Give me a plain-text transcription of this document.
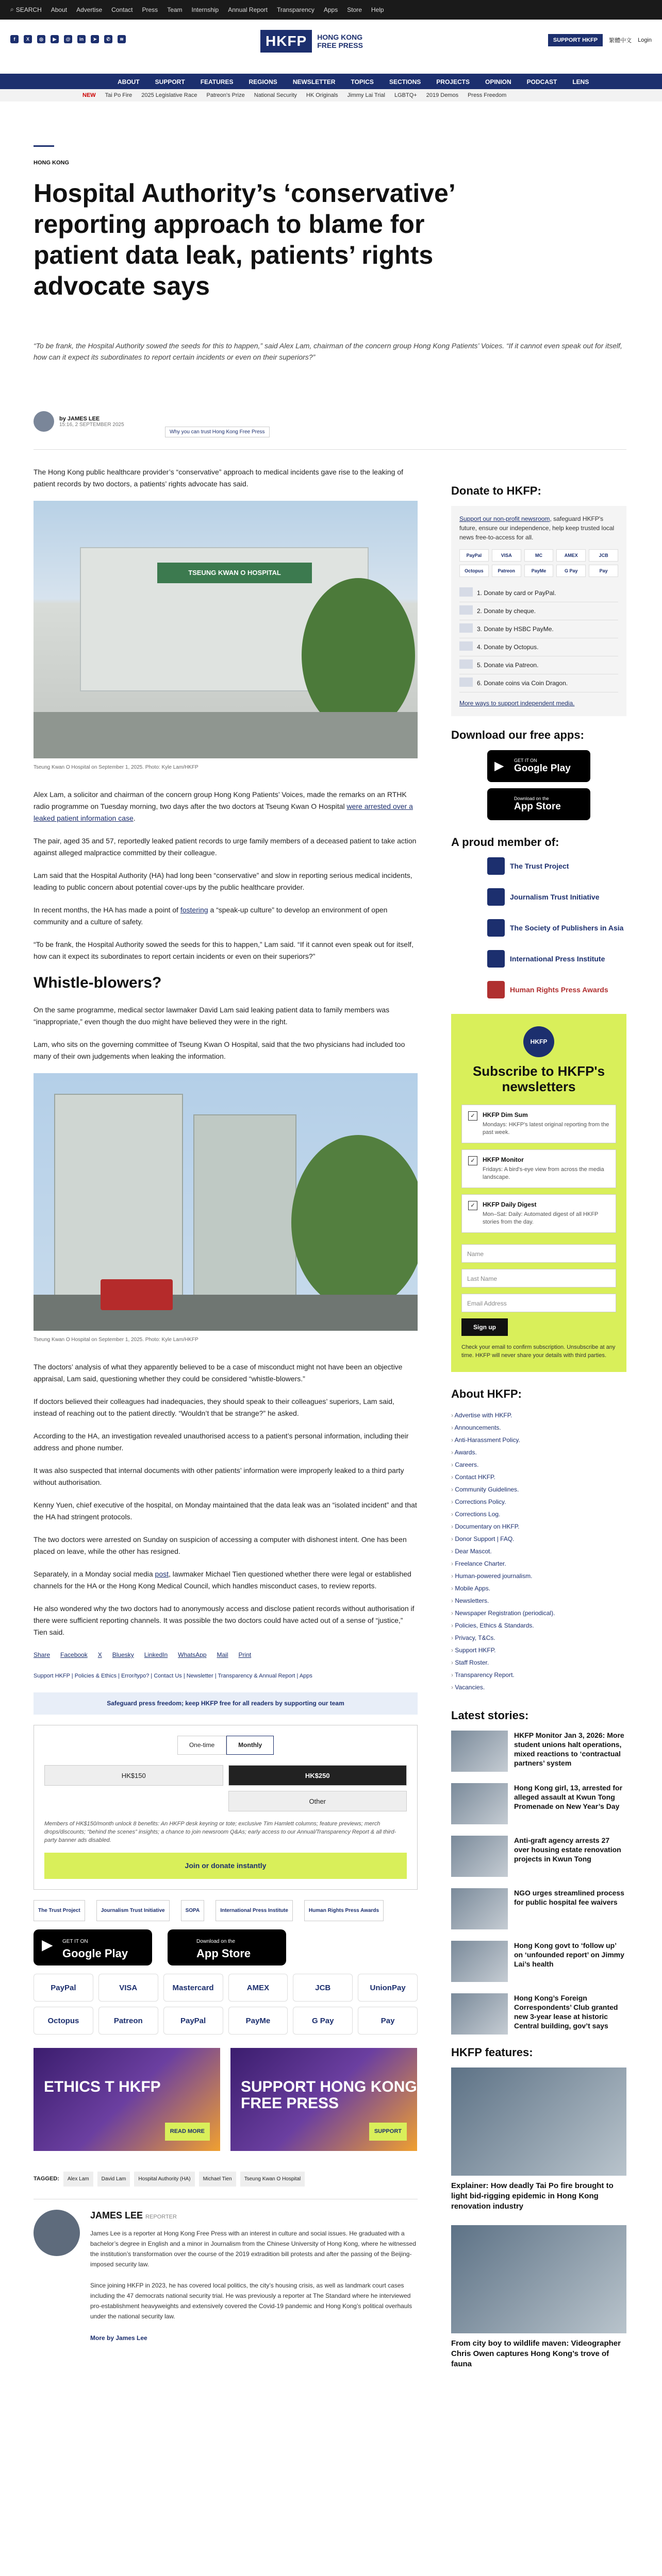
⌕ SEARCH About Advertise Contact Press Team Internship Annual Report Transparency Apps Store Help
f	X	◎	▶	@	in	➤	✆	≋	HKFP	HONG KONG
FREE PRESS
SUPPORT HKFP	繁體中文 Login
ABOUT	SUPPORT	FEATURES	REGIONS	NEWSLETTER	TOPICS	SECTIONS	PROJECTS	OPINION	PODCAST	LENS
NEW Tai Po Fire 2025 Legislative Race Patreon's Prize National Security HK Originals Jimmy Lai Trial LGBTQ+ 2019 Demos Press Freedom
HONG KONG
Hospital Authority’s ‘conservative’ reporting approach to blame for patient data leak, patients’ rights advocate says

“To be frank, the Hospital Authority sowed the seeds for this to happen,” said Alex Lam, chairman of the concern group Hong Kong Patients’ Voices. “If it cannot even speak out for itself, how can it expect its subordinates to report certain incidents or even on their superiors?”

by JAMES LEE
15:16, 2 SEPTEMBER 2025
Why you can trust Hong Kong Free Press

The Hong Kong public healthcare provider’s “conservative” approach to medical incidents gave rise to the leaking of patient records by two doctors, a patients’ rights advocate has said.

TSEUNG KWAN O HOSPITAL
Tseung Kwan O Hospital on September 1, 2025. Photo: Kyle Lam/HKFP

Alex Lam, a solicitor and chairman of the concern group Hong Kong Patients’ Voices, made the remarks on an RTHK radio programme on Tuesday morning, two days after the two doctors at Tseung Kwan O Hospital were arrested over a leaked patient information case.

The pair, aged 35 and 57, reportedly leaked patient records to urge family members of a deceased patient to take action against alleged malpractice committed by their colleague.

Lam said that the Hospital Authority (HA) had long been “conservative” and slow in reporting serious medical incidents, leading to public concern about potential cover-ups by the public healthcare provider.

In recent months, the HA has made a point of fostering a “speak-up culture” to develop an environment of open community and a culture of safety.

“To be frank, the Hospital Authority sowed the seeds for this to happen,” Lam said. “If it cannot even speak out for itself, how can it expect its subordinates to report certain incidents or even on their superiors?”

Whistle-blowers?

On the same programme, medical sector lawmaker David Lam said leaking patient data to family members was “inappropriate,” even though the duo might have believed they were in the right.

Lam, who sits on the governing committee of Tseung Kwan O Hospital, said that the two physicians had included too many of their own judgements when leaking the information.

Tseung Kwan O Hospital on September 1, 2025. Photo: Kyle Lam/HKFP

The doctors’ analysis of what they apparently believed to be a case of misconduct might not have been an objective appraisal, Lam said, questioning whether they could be considered “whistle-blowers.”

If doctors believed their colleagues had inadequacies, they should speak to their colleagues’ superiors, Lam said, instead of reaching out to the patient directly. “Wouldn’t that be strange?” he asked.

According to the HA, an investigation revealed unauthorised access to a patient’s personal information, including their address and phone number.

It was also suspected that internal documents with other patients’ information were improperly leaked to a third party without authorisation.

Kenny Yuen, chief executive of the hospital, on Monday maintained that the data leak was an “isolated incident” and that the HA had stringent protocols.

The two doctors were arrested on Sunday on suspicion of accessing a computer with dishonest intent. One has been placed on leave, while the other has resigned.

Separately, in a Monday social media post, lawmaker Michael Tien questioned whether there were legal or established channels for the HA or the Hong Kong Medical Council, which handles misconduct cases, to review reports.

He also wondered why the two doctors had to anonymously access and disclose patient records without authorisation if there were sufficient reporting channels. It was possible the two doctors could have acted out of a sense of “justice,” Tien said.

Share Facebook X Bluesky LinkedIn WhatsApp Mail Print
Support HKFP | Policies & Ethics | Error/typo? | Contact Us | Newsletter | Transparency & Annual Report | Apps
Safeguard press freedom; keep HKFP free for all readers by supporting our team
One-time	Monthly
HK$150	HK$250
Other
Members of HK$150/month unlock 8 benefits: An HKFP desk keyring or tote; exclusive Tim Hamlett columns; feature previews; merch drops/discounts; “behind the scenes” insights; a chance to join newsroom Q&As; early access to our Annual/Transparency Report & all third-party banner ads disabled.
Join or donate instantly
The Trust Project	Journalism Trust Initiative	SOPA	International Press Institute	Human Rights Press Awards
▶ GET IT ON
Google Play
Download on the
App Store
PayPal	VISA	Mastercard	AMEX	JCB	UnionPay
Octopus	Patreon	PayPal	PayMe	G Pay	Pay
ETHICS T HKFP
READ MORE
SUPPORT HONG KONG FREE PRESS
SUPPORT
TAGGED:	Alex Lam	David Lam	Hospital Authority (HA)	Michael Tien	Tseung Kwan O Hospital
JAMES LEE REPORTER

James Lee is a reporter at Hong Kong Free Press with an interest in culture and social issues. He graduated with a bachelor’s degree in English and a minor in Journalism from the Chinese University of Hong Kong, where he witnessed the institution’s transformation over the course of the 2019 extradition bill protests and after the passing of the Beijing-imposed security law.

Since joining HKFP in 2023, he has covered local politics, the city’s housing crisis, as well as landmark court cases including the 47 democrats national security trial. He was previously a reporter at The Standard where he interviewed pro-establishment heavyweights and extensively covered the Covid-19 pandemic and Hong Kong’s political overhauls under the national security law.

More by James Lee
Donate to HKFP:

Support our non-profit newsroom, safeguard HKFP's future, ensure our independence, help keep trusted local news free-to-access for all.

PayPal	VISA	MC	AMEX	JCB
Octopus	Patreon	PayMe	G Pay	Pay
1. Donate by card or PayPal.
2. Donate by cheque.
3. Donate by HSBC PayMe.
4. Donate by Octopus.
5. Donate via Patreon.
6. Donate coins via Coin Dragon.
More ways to support independent media.
Download our free apps:
▶ GET IT ON
Google Play
Download on the
App Store
A proud member of:
The Trust Project
Journalism Trust Initiative
The Society of Publishers in Asia
International Press Institute
Human Rights Press Awards
HKFP
Subscribe to HKFP's newsletters
✓ HKFP Dim Sum
Mondays: HKFP's latest original reporting from the past week.
✓ HKFP Monitor
Fridays: A bird's-eye view from across the media landscape.
✓ HKFP Daily Digest
Mon–Sat: Daily: Automated digest of all HKFP stories from the day.
Name
Last Name
Email Address
Sign up
Check your email to confirm subscription. Unsubscribe at any time. HKFP will never share your details with third parties.
About HKFP:
› Advertise with HKFP.
› Announcements.
› Anti-Harassment Policy.
› Awards.
› Careers.
› Contact HKFP.
› Community Guidelines.
› Corrections Policy.
› Corrections Log.
› Documentary on HKFP.
› Donor Support | FAQ.
› Dear Mascot.
› Freelance Charter.
› Human-powered journalism.
› Mobile Apps.
› Newsletters.
› Newspaper Registration (periodical).
› Policies, Ethics & Standards.
› Privacy, T&Cs.
› Support HKFP.
› Staff Roster.
› Transparency Report.
› Vacancies.
Latest stories:
HKFP Monitor Jan 3, 2026: More student unions halt operations, mixed reactions to ‘contractual partners’ system
Hong Kong girl, 13, arrested for alleged assault at Kwun Tong Promenade on New Year’s Day
Anti-graft agency arrests 27 over housing estate renovation projects in Kwun Tong
NGO urges streamlined process for public hospital fee waivers
Hong Kong govt to ‘follow up’ on ‘unfounded report’ on Jimmy Lai’s health
Hong Kong’s Foreign Correspondents’ Club granted new 3-year lease at historic Central building, gov’t says
HKFP features:
Explainer: How deadly Tai Po fire brought to light bid-rigging epidemic in Hong Kong renovation industry
From city boy to wildlife maven: Videographer Chris Owen captures Hong Kong’s trove of fauna
